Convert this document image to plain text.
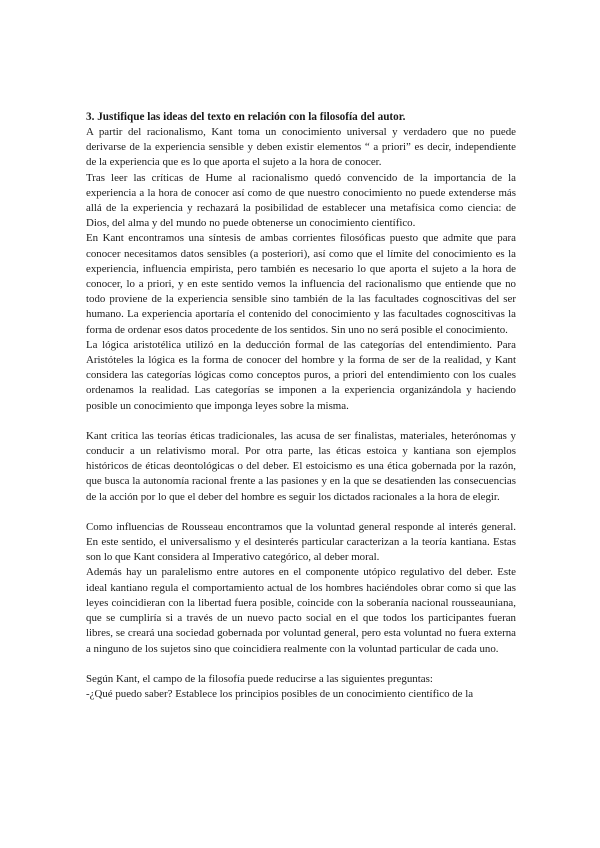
3. Justifique las ideas del texto en relación con la filosofía del autor.

A partir del racionalismo, Kant toma un conocimiento universal y verdadero que no puede derivarse de la experiencia sensible y deben existir elementos “ a priori” es decir, independiente de la experiencia que es lo que aporta el sujeto a la hora de conocer.

Tras leer las críticas de Hume al racionalismo quedó convencido de la importancia de la experiencia a la hora de conocer así como de que nuestro conocimiento no puede extenderse más allá de la experiencia y rechazará la posibilidad de establecer una metafísica como ciencia: de Dios, del alma y del mundo no puede obtenerse un conocimiento científico.

En Kant encontramos una síntesis de ambas corrientes filosóficas puesto que admite que para conocer necesitamos datos sensibles (a posteriori), así como que el límite del conocimiento es la experiencia, influencia empirista, pero también es necesario lo que aporta el sujeto a la hora de conocer, lo a priori, y en este sentido vemos la influencia del racionalismo que entiende que no todo proviene de la experiencia sensible sino también de la las facultades cognoscitivas del ser humano. La experiencia aportaría el contenido del conocimiento y las facultades cognoscitivas la forma de ordenar esos datos procedente de los sentidos. Sin uno no será posible el conocimiento.

La lógica aristotélica utilizó en la deducción formal de las categorías del entendimiento. Para Aristóteles la lógica es la forma de conocer del hombre y la forma de ser de la realidad, y Kant considera las categorías lógicas como conceptos puros, a priori del entendimiento con los cuales ordenamos la realidad. Las categorías se imponen a la experiencia organizándola y haciendo posible un conocimiento que imponga leyes sobre la misma.

Kant critica las teorías éticas tradicionales, las acusa de ser finalistas, materiales, heterónomas y conducir a un relativismo moral. Por otra parte, las éticas estoica y kantiana son ejemplos históricos de éticas deontológicas o del deber. El estoicismo es una ética gobernada por la razón, que busca la autonomía racional frente a las pasiones y en la que se desatienden las consecuencias de la acción por lo que el deber del hombre es seguir los dictados racionales a la hora de elegir.

Como influencias de Rousseau encontramos que la voluntad general responde al interés general. En este sentido, el universalismo y el desinterés particular caracterizan a la teoría kantiana. Estas son lo que Kant considera al Imperativo categórico, al deber moral.

Además hay un paralelismo entre autores en el componente utópico regulativo del deber. Este ideal kantiano regula el comportamiento actual de los hombres haciéndoles obrar como si que las leyes coincidieran con la libertad fuera posible, coincide con la soberanía nacional rousseauniana, que se cumpliría si a través de un nuevo pacto social en el que todos los participantes fueran libres, se creará una sociedad gobernada por voluntad general, pero esta voluntad no fuera externa a ninguno de los sujetos sino que coincidiera realmente con la voluntad particular de cada uno.

Según Kant, el campo de la filosofía puede reducirse a las siguientes preguntas:

-¿Qué puedo saber? Establece los principios posibles de un conocimiento científico de la
